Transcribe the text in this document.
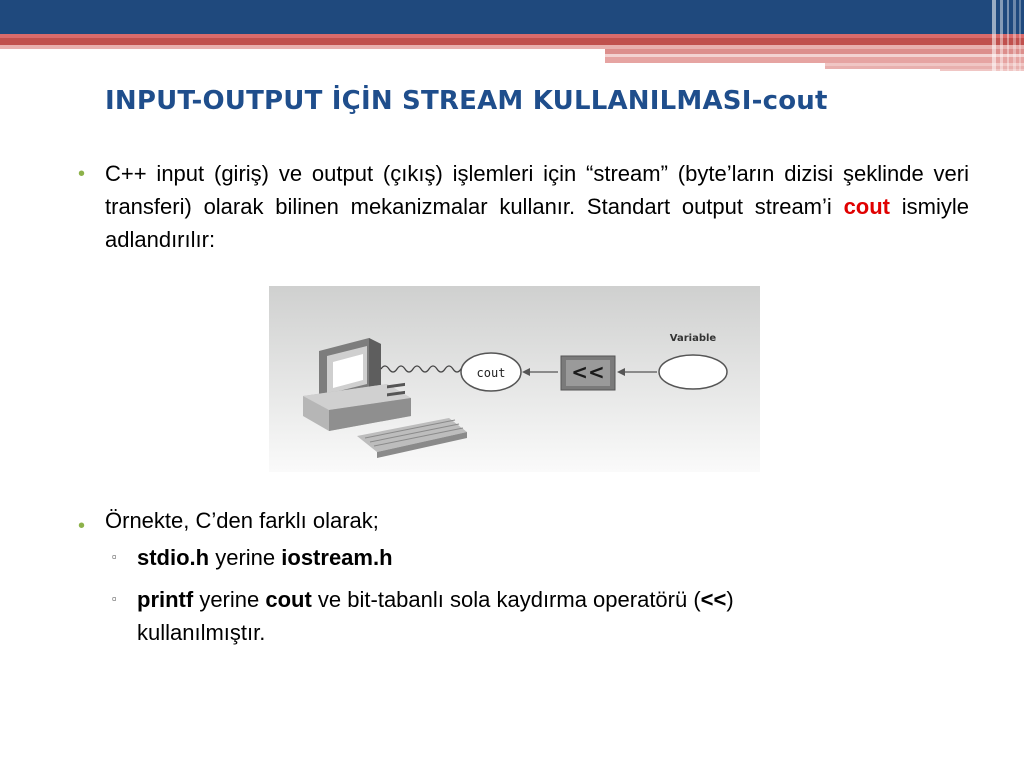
INPUT-OUTPUT İÇİN STREAM KULLANILMASI-cout
• C++ input (giriş) ve output (çıkış) işlemleri için “stream” (byte’ların dizisi şeklinde veri transferi) olarak bilinen mekanizmalar kullanır. Standart output stream’i cout ismiyle adlandırılır:
cout	<<
Variable
• Örnekte, C’den farklı olarak;
▫ stdio.h yerine iostream.h
▫ printf yerine cout ve bit-tabanlı sola kaydırma operatörü (<<)
kullanılmıştır.
